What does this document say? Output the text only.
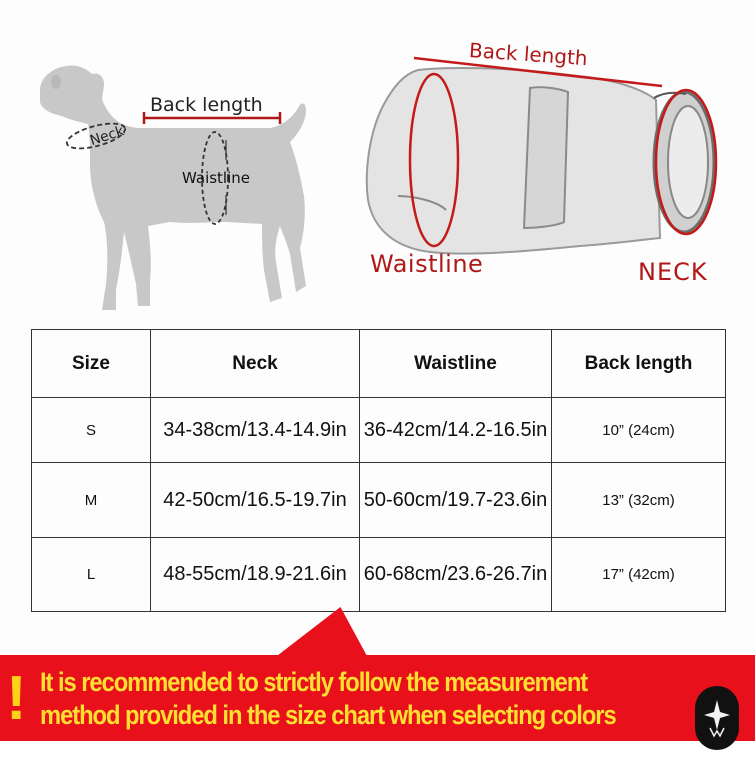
Back length
Neck
Waistline
Back length
Waistline	NECK
Size	Neck	Waistline	Back length
S	34-38cm/13.4-14.9in	36-42cm/14.2-16.5in	10” (24cm)
M	42-50cm/16.5-19.7in	50-60cm/19.7-23.6in	13” (32cm)
L	48-55cm/18.9-21.6in	60-68cm/23.6-26.7in	17” (42cm)
! It is recommended to strictly follow the measurement
method provided in the size chart when selecting colors
